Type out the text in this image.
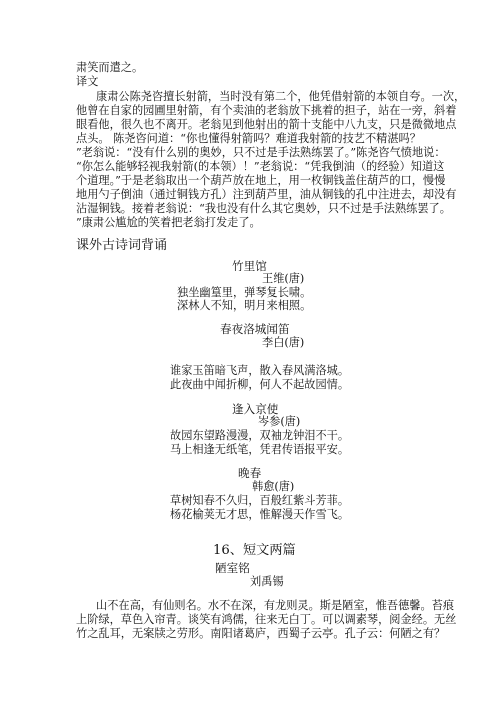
肃笑而遣之。
译文
康肃公陈尧咨擅长射箭，当时没有第二个，他凭借射箭的本领自夸。一次，
他曾在自家的园圃里射箭，有个卖油的老翁放下挑着的担子，站在一旁，斜着
眼看他，很久也不离开。老翁见到他射出的箭十支能中八九支，只是微微地点
点头。 陈尧咨问道：“你也懂得射箭吗？难道我射箭的技艺不精湛吗？
”老翁说：“没有什么别的奥妙，只不过是手法熟练罢了。”陈尧咨气愤地说：
“你怎么能够轻视我射箭(的本领）！”老翁说：“凭我倒油（的经验）知道这
个道理。”于是老翁取出一个葫芦放在地上，用一枚铜钱盖住葫芦的口，慢慢
地用勺子倒油（通过铜钱方孔）注到葫芦里，油从铜钱的孔中注进去，却没有
沾湿铜钱。接着老翁说：“我也没有什么其它奥妙，只不过是手法熟练罢了。
”康肃公尴尬的笑着把老翁打发走了。
课外古诗词背诵
竹里馆
王维(唐)
独坐幽篁里，弹琴复长啸。
深林人不知，明月来相照。
春夜洛城闻笛
李白(唐)
谁家玉笛暗飞声，散入春风满洛城。
此夜曲中闻折柳，何人不起故园情。
逢入京使
岑参(唐)
故园东望路漫漫，双袖龙钟泪不干。
马上相逢无纸笔，凭君传语报平安。
晚春
韩愈(唐)
草树知春不久归，百般红紫斗芳菲。
杨花榆荚无才思，惟解漫天作雪飞。
16、短文两篇
陋室铭
刘禹锡
山不在高，有仙则名。水不在深，有龙则灵。斯是陋室，惟吾德馨。苔痕
上阶绿，草色入帘青。谈笑有鸿儒，往来无白丁。可以调素琴，阅金经。无丝
竹之乱耳，无案牍之劳形。南阳诸葛庐，西蜀子云亭。孔子云：何陋之有？
